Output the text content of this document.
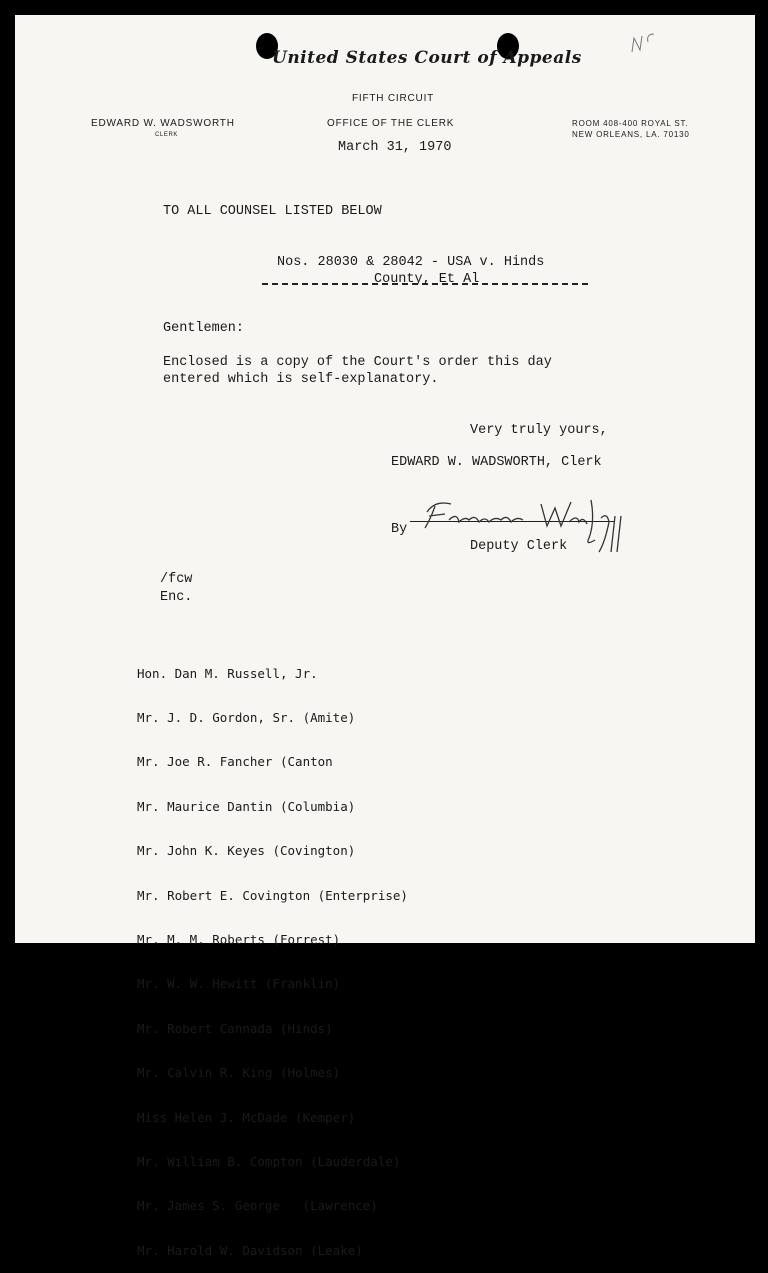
United States Court of Appeals
FIFTH CIRCUIT
EDWARD W. WADSWORTH
CLERK
OFFICE OF THE CLERK	ROOM 408-400 ROYAL ST.
NEW ORLEANS, LA. 70130
March 31, 1970
TO ALL COUNSEL LISTED BELOW
Nos. 28030 & 28042 - USA v. Hinds
County, Et Al
Gentlemen:
Enclosed is a copy of the Court's order this day
entered which is self-explanatory.
Very truly yours,
EDWARD W. WADSWORTH, Clerk
By
Deputy Clerk
/fcw
Enc.

Hon. Dan M. Russell, Jr.

Mr. J. D. Gordon, Sr. (Amite)

Mr. Joe R. Fancher (Canton

Mr. Maurice Dantin (Columbia)

Mr. John K. Keyes (Covington)

Mr. Robert E. Covington (Enterprise)

Mr. M. M. Roberts (Forrest)

Mr. W. W. Hewitt (Franklin)

Mr. Robert Cannada (Hinds)

Mr. Calvin R. King (Holmes)

Miss Helen J. McDade (Kemper)

Mr. William B. Compton (Lauderdale)

Mr. James S. George   (Lawrence)

Mr. Harold W. Davidson (Leake)
